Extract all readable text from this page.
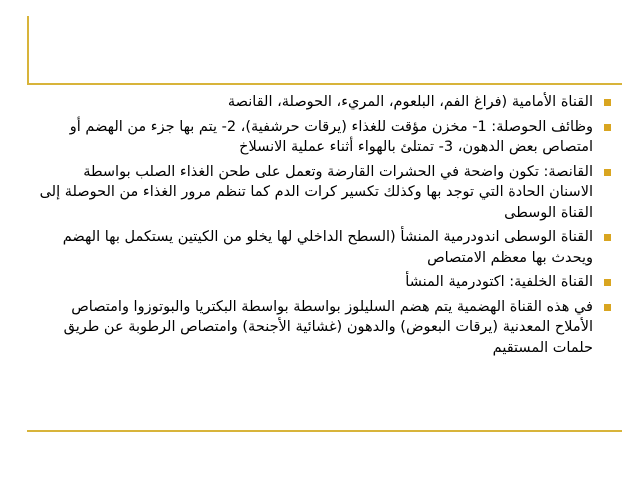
القناة الأمامية (فراغ الفم، البلعوم، المريء، الحوصلة، القانصة
وظائف الحوصلة: 1- مخزن مؤقت للغذاء (يرقات حرشفية)، 2- يتم بها جزء من الهضم أو امتصاص بعض الدهون، 3- تمتلئ بالهواء أثناء عملية الانسلاخ
القانصة: تكون واضحة في الحشرات القارضة وتعمل على طحن الغذاء الصلب بواسطة الاسنان الحادة التي توجد بها وكذلك تكسير كرات الدم كما تنظم مرور الغذاء من الحوصلة إلى القناة الوسطى
القناة الوسطى اندودرمية المنشأ (السطح الداخلي لها يخلو من الكيتين يستكمل بها الهضم ويحدث بها معظم الامتصاص
القناة الخلفية: اكتودرمية المنشأ
في هذه القناة الهضمية يتم هضم السليلوز بواسطة بواسطة البكتريا والبوتوزوا وامتصاص الأملاح المعدنية (يرقات البعوض) والدهون (غشائية الأجنحة) وامتصاص الرطوبة عن طريق حلمات المستقيم
